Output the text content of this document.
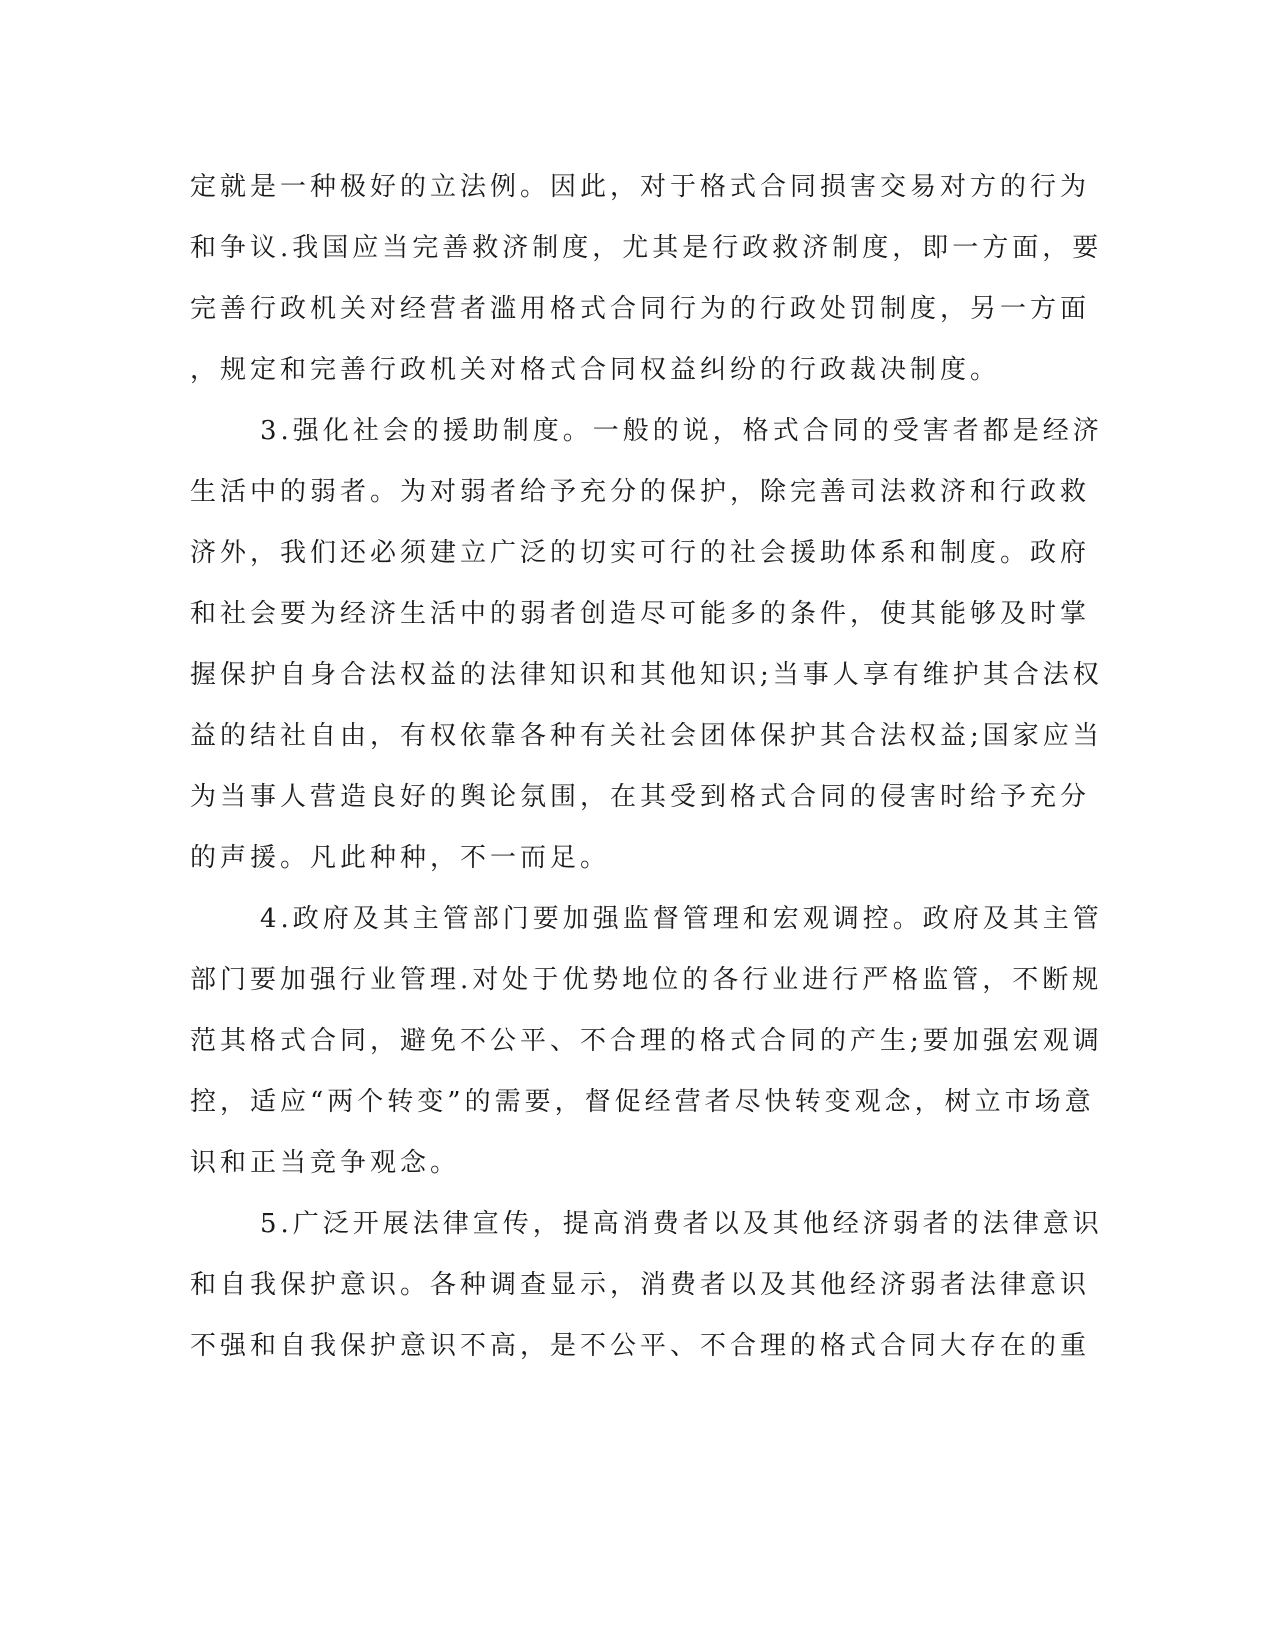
定就是一种极好的立法例。因此，对于格式合同损害交易对方的行为
和争议.我国应当完善救济制度，尤其是行政救济制度，即一方面，要
完善行政机关对经营者滥用格式合同行为的行政处罚制度，另一方面
，规定和完善行政机关对格式合同权益纠纷的行政裁决制度。
3.强化社会的援助制度。一般的说，格式合同的受害者都是经济
生活中的弱者。为对弱者给予充分的保护，除完善司法救济和行政救
济外，我们还必须建立广泛的切实可行的社会援助体系和制度。政府
和社会要为经济生活中的弱者创造尽可能多的条件，使其能够及时掌
握保护自身合法权益的法律知识和其他知识;当事人享有维护其合法权
益的结社自由，有权依靠各种有关社会团体保护其合法权益;国家应当
为当事人营造良好的舆论氛围，在其受到格式合同的侵害时给予充分
的声援。凡此种种，不一而足。
4.政府及其主管部门要加强监督管理和宏观调控。政府及其主管
部门要加强行业管理.对处于优势地位的各行业进行严格监管，不断规
范其格式合同，避免不公平、不合理的格式合同的产生;要加强宏观调
控，适应“两个转变”的需要，督促经营者尽快转变观念，树立市场意
识和正当竞争观念。
5.广泛开展法律宣传，提高消费者以及其他经济弱者的法律意识
和自我保护意识。各种调查显示，消费者以及其他经济弱者法律意识
不强和自我保护意识不高，是不公平、不合理的格式合同大存在的重
